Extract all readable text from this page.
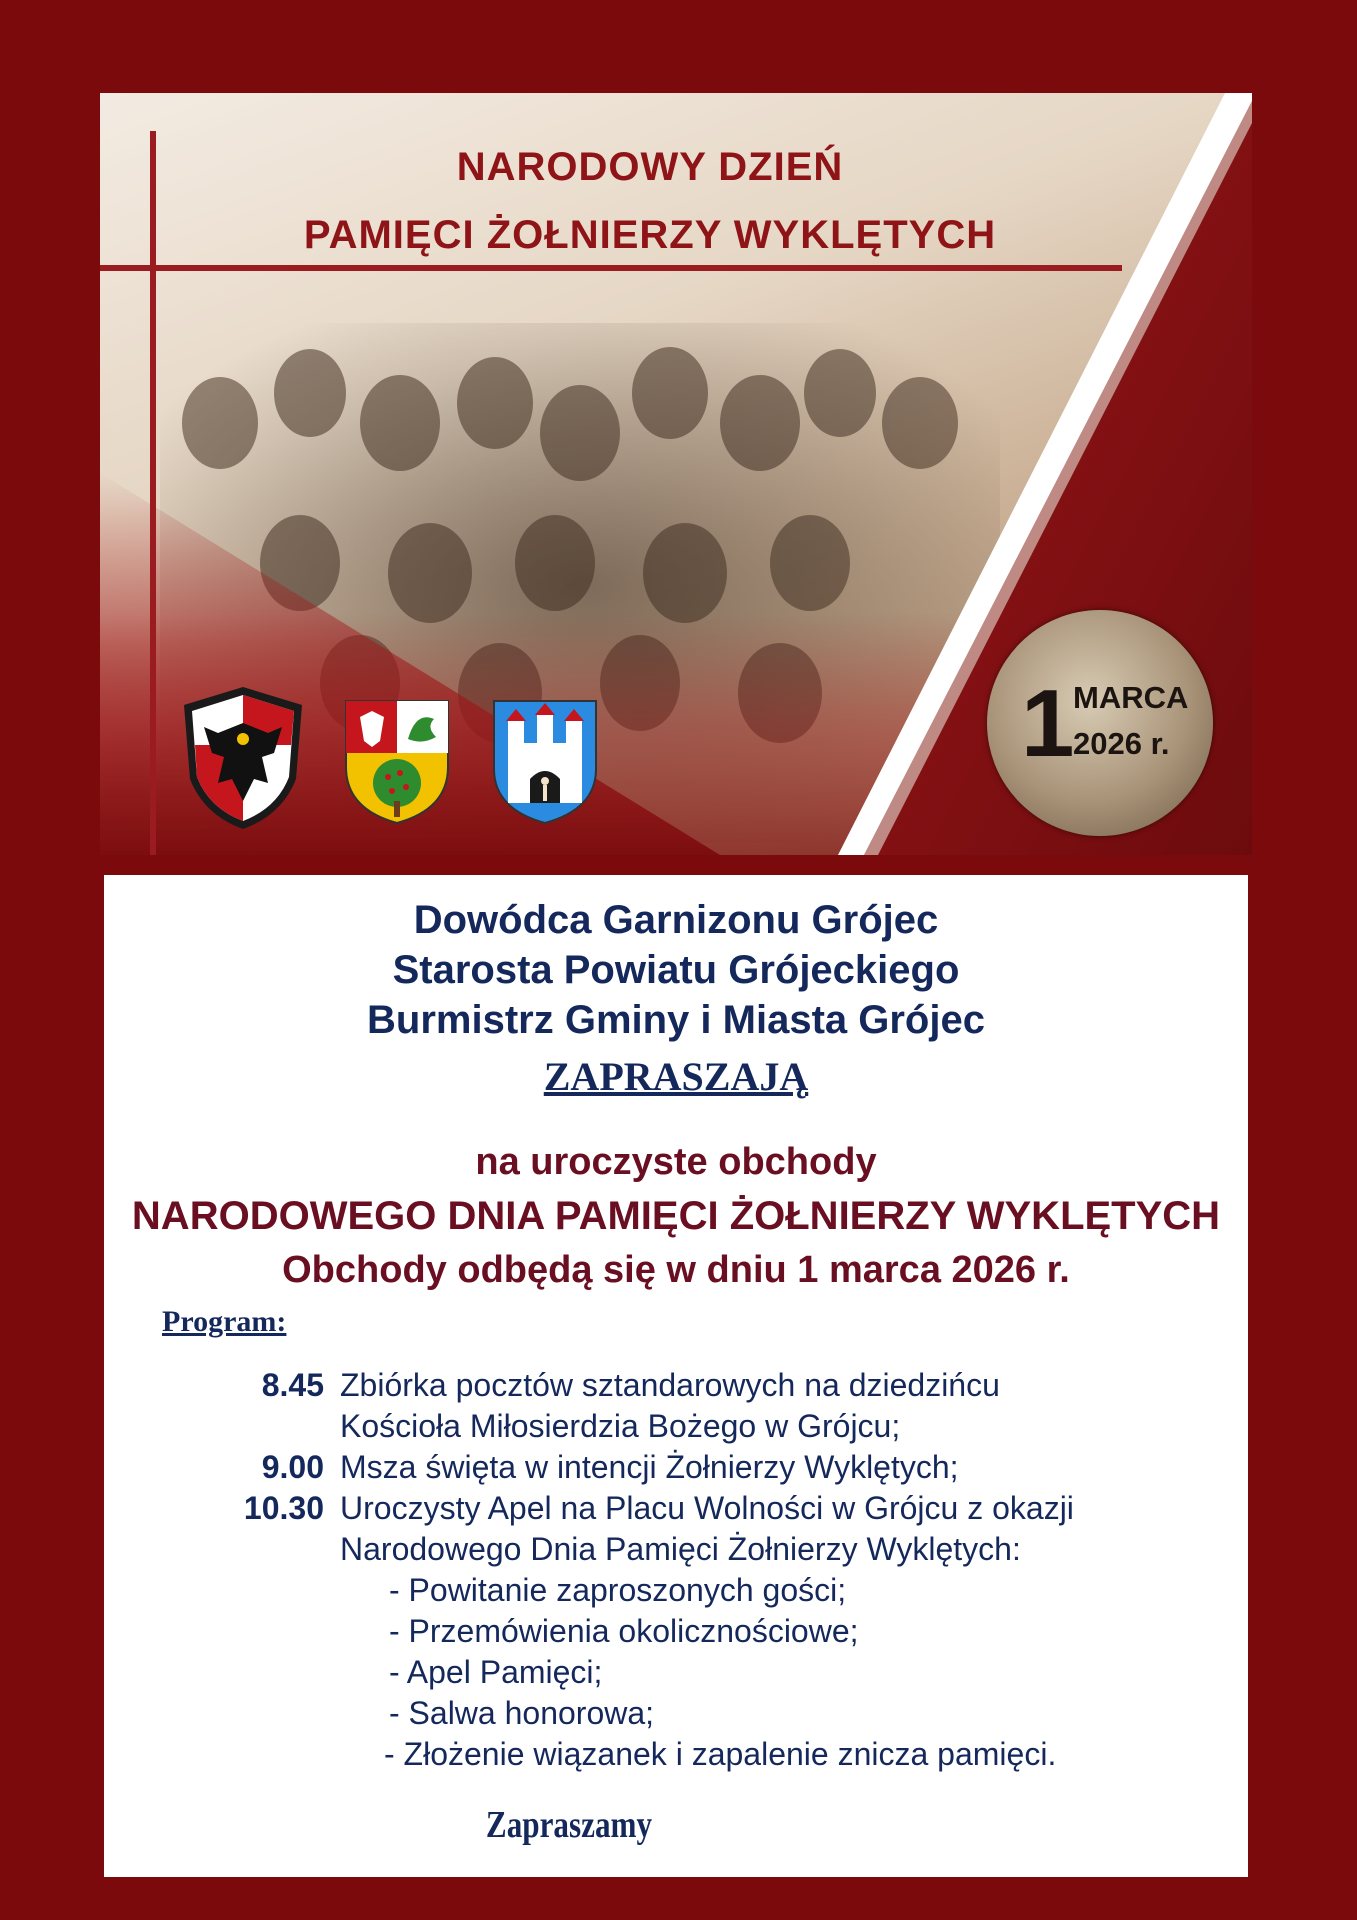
NARODOWY DZIEŃ
PAMIĘCI ŻOŁNIERZY WYKLĘTYCH
1
MARCA
2026 r.
Dowódca Garnizonu Grójec
Starosta Powiatu Grójeckiego
Burmistrz Gminy i Miasta Grójec
ZAPRASZAJĄ
na uroczyste obchody
NARODOWEGO DNIA PAMIĘCI ŻOŁNIERZY WYKLĘTYCH
Obchody odbędą się w dniu 1 marca 2026 r.
Program:
8.45 Zbiórka pocztów sztandarowych na dziedzińcu
Kościoła Miłosierdzia Bożego w Grójcu;
9.00 Msza święta w intencji Żołnierzy Wyklętych;
10.30 Uroczysty Apel na Placu Wolności w Grójcu z okazji
Narodowego Dnia Pamięci Żołnierzy Wyklętych:
- Powitanie zaproszonych gości;
- Przemówienia okolicznościowe;
- Apel Pamięci;
- Salwa honorowa;
- Złożenie wiązanek i zapalenie znicza pamięci.
Zapraszamy
